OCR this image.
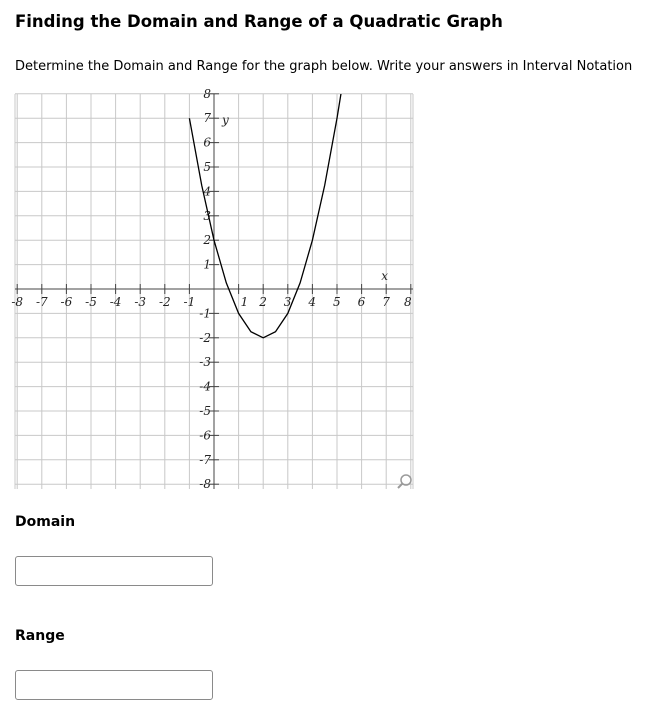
Finding the Domain and Range of a Quadratic Graph
Determine the Domain and Range for the graph below. Write your answers in Interval Notation
-8 -7 -6 -5 -4 -3 -2 -1	1 2 3 4 5 6 7 8
8
7
6
5
4
3
2
1
-1
-2
-3
-4
-5
-6
-7
-8
y
x
Domain
Range
